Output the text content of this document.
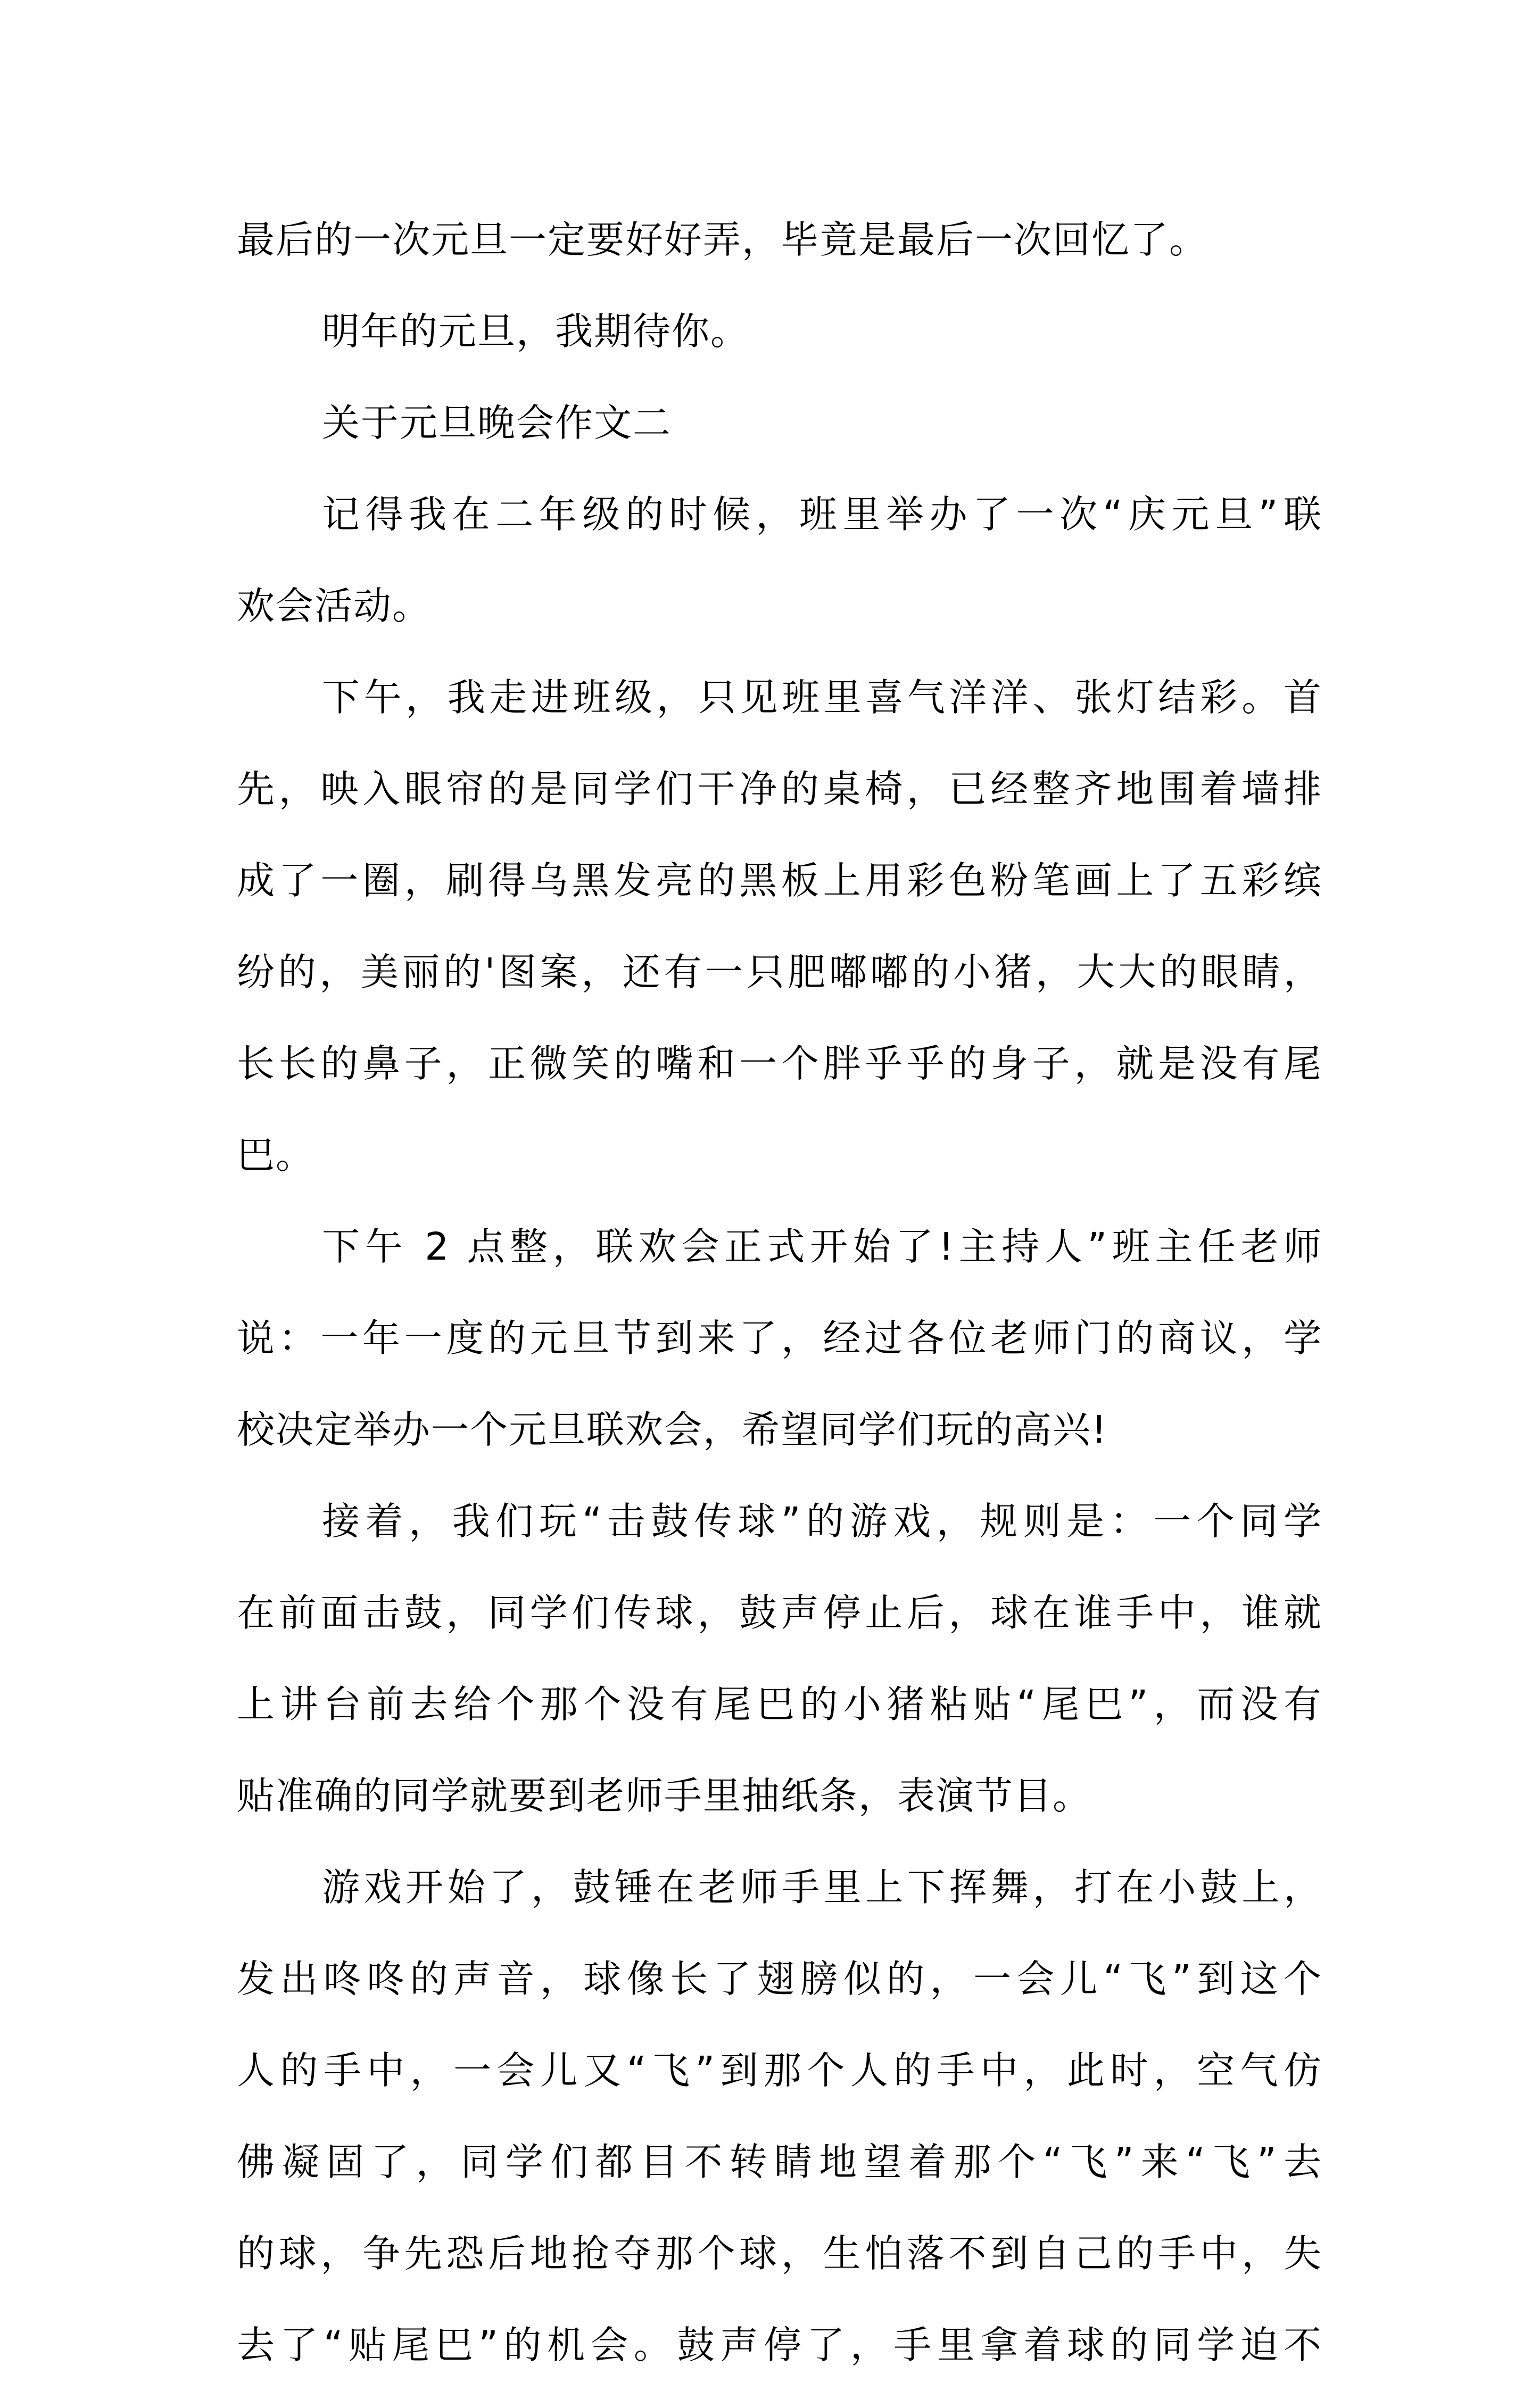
最后的一次元旦一定要好好弄，毕竟是最后一次回忆了。
明年的元旦，我期待你。
关于元旦晚会作文二
记得我在二年级的时候，班里举办了一次“庆元旦”联
欢会活动。
下午，我走进班级，只见班里喜气洋洋、张灯结彩。首
先，映入眼帘的是同学们干净的桌椅，已经整齐地围着墙排
成了一圈，刷得乌黑发亮的黑板上用彩色粉笔画上了五彩缤
纷的，美丽的'图案，还有一只肥嘟嘟的小猪，大大的眼睛，
长长的鼻子，正微笑的嘴和一个胖乎乎的身子，就是没有尾
巴。
下午 2 点整，联欢会正式开始了!主持人”班主任老师
说：一年一度的元旦节到来了，经过各位老师门的商议，学
校决定举办一个元旦联欢会，希望同学们玩的高兴!
接着，我们玩“击鼓传球”的游戏，规则是：一个同学
在前面击鼓，同学们传球，鼓声停止后，球在谁手中，谁就
上讲台前去给个那个没有尾巴的小猪粘贴“尾巴”，而没有
贴准确的同学就要到老师手里抽纸条，表演节目。
游戏开始了，鼓锤在老师手里上下挥舞，打在小鼓上，
发出咚咚的声音，球像长了翅膀似的，一会儿“飞”到这个
人的手中，一会儿又“飞”到那个人的手中，此时，空气仿
佛凝固了，同学们都目不转睛地望着那个“飞”来“飞”去
的球，争先恐后地抢夺那个球，生怕落不到自己的手中，失
去了“贴尾巴”的机会。鼓声停了，手里拿着球的同学迫不
